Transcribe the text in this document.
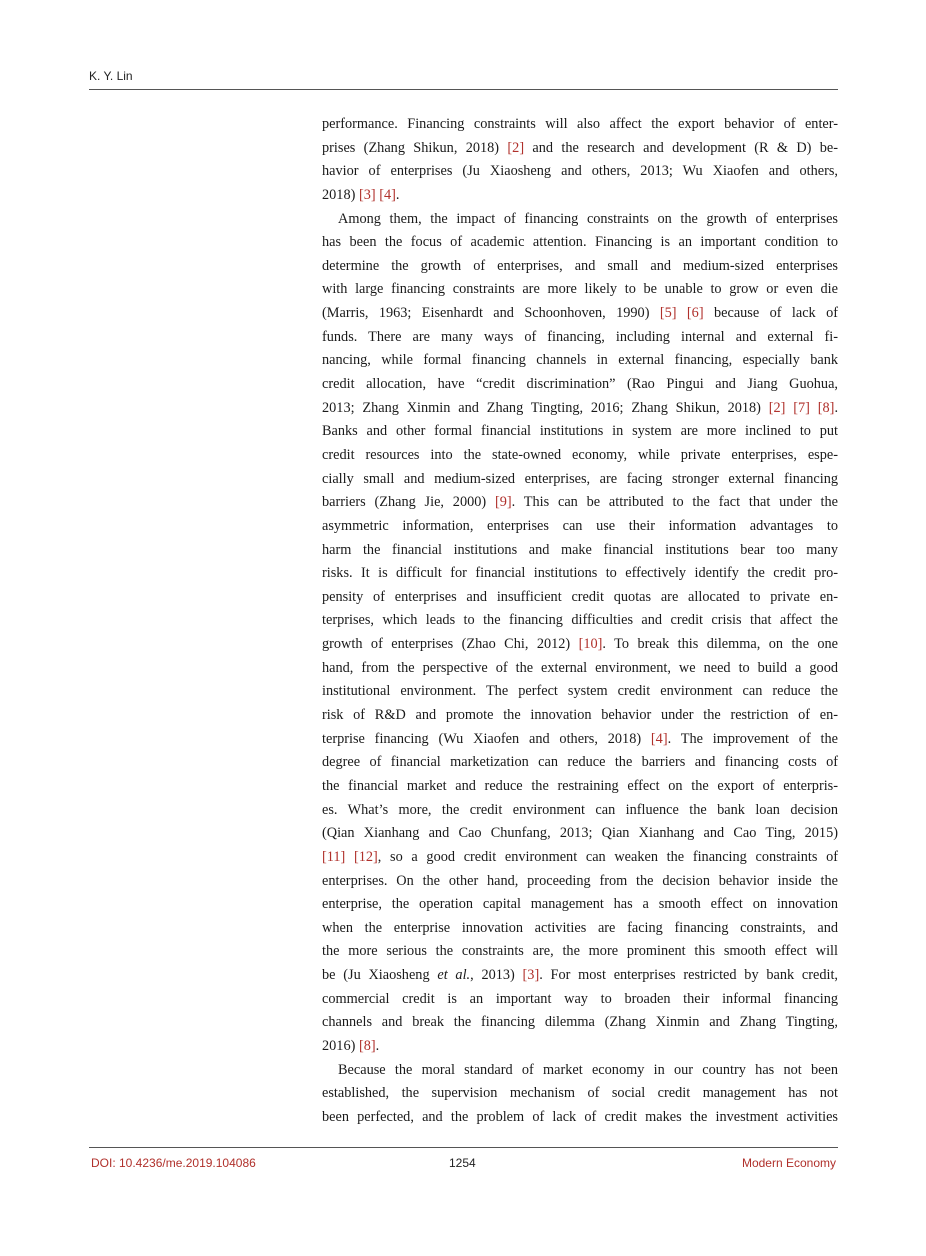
K. Y. Lin
performance. Financing constraints will also affect the export behavior of enter-
prises (Zhang Shikun, 2018) [2] and the research and development (R & D) be-
havior of enterprises (Ju Xiaosheng and others, 2013; Wu Xiaofen and others,
2018) [3] [4].
Among them, the impact of financing constraints on the growth of enterprises
has been the focus of academic attention. Financing is an important condition to
determine the growth of enterprises, and small and medium-sized enterprises
with large financing constraints are more likely to be unable to grow or even die
(Marris, 1963; Eisenhardt and Schoonhoven, 1990) [5] [6] because of lack of
funds. There are many ways of financing, including internal and external fi-
nancing, while formal financing channels in external financing, especially bank
credit allocation, have “credit discrimination” (Rao Pingui and Jiang Guohua,
2013; Zhang Xinmin and Zhang Tingting, 2016; Zhang Shikun, 2018) [2] [7] [8].
Banks and other formal financial institutions in system are more inclined to put
credit resources into the state-owned economy, while private enterprises, espe-
cially small and medium-sized enterprises, are facing stronger external financing
barriers (Zhang Jie, 2000) [9]. This can be attributed to the fact that under the
asymmetric information, enterprises can use their information advantages to
harm the financial institutions and make financial institutions bear too many
risks. It is difficult for financial institutions to effectively identify the credit pro-
pensity of enterprises and insufficient credit quotas are allocated to private en-
terprises, which leads to the financing difficulties and credit crisis that affect the
growth of enterprises (Zhao Chi, 2012) [10]. To break this dilemma, on the one
hand, from the perspective of the external environment, we need to build a good
institutional environment. The perfect system credit environment can reduce the
risk of R&D and promote the innovation behavior under the restriction of en-
terprise financing (Wu Xiaofen and others, 2018) [4]. The improvement of the
degree of financial marketization can reduce the barriers and financing costs of
the financial market and reduce the restraining effect on the export of enterpris-
es. What’s more, the credit environment can influence the bank loan decision
(Qian Xianhang and Cao Chunfang, 2013; Qian Xianhang and Cao Ting, 2015)
[11] [12], so a good credit environment can weaken the financing constraints of
enterprises. On the other hand, proceeding from the decision behavior inside the
enterprise, the operation capital management has a smooth effect on innovation
when the enterprise innovation activities are facing financing constraints, and
the more serious the constraints are, the more prominent this smooth effect will
be (Ju Xiaosheng et al., 2013) [3]. For most enterprises restricted by bank credit,
commercial credit is an important way to broaden their informal financing
channels and break the financing dilemma (Zhang Xinmin and Zhang Tingting,
2016) [8].
Because the moral standard of market economy in our country has not been
established, the supervision mechanism of social credit management has not
been perfected, and the problem of lack of credit makes the investment activities
DOI: 10.4236/me.2019.104086	1254	Modern Economy
